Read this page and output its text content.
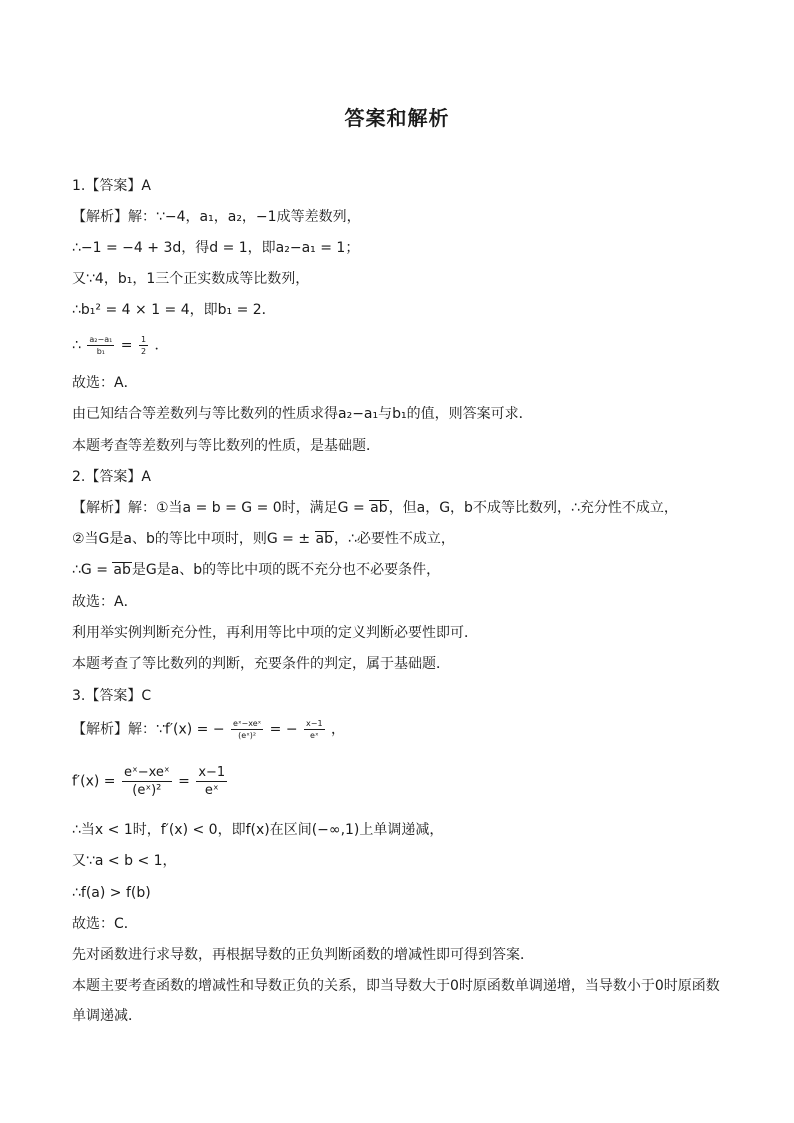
答案和解析
1.【答案】A
【解析】解：∵−4，a₁，a₂，−1成等差数列，
∴−1 = −4 + 3d，得d = 1，即a₂−a₁ = 1；
又∵4，b₁，1三个正实数成等比数列，
∴b₁² = 4 × 1 = 4，即b₁ = 2．
∴ $\frac{\text{a₂−a₁}}{\text{b₁}} = \frac{1}{2}$ ．
故选：A．
由已知结合等差数列与等比数列的性质求得a₂−a₁与b₁的值，则答案可求．
本题考查等差数列与等比数列的性质，是基础题．
2.【答案】A
【解析】解：①当a = b = G = 0时，满足G = ab，但a，G，b不成等比数列，∴充分性不成立，
②当G是a、b的等比中项时，则G = ± ab，∴必要性不成立，
∴G = ab是G是a、b的等比中项的既不充分也不必要条件，
故选：A．
利用举实例判断充分性，再利用等比中项的定义判断必要性即可．
本题考查了等比数列的判断，充要条件的判定，属于基础题．
3.【答案】C
【解析】解：∵f′(x) = − $\frac{\text{eˣ−xeˣ}}{\text{(eˣ)²}}$ = − $\frac{x-1}{\text{eˣ}}$ ，
$f'(x) = \frac{\text{eˣ−xeˣ}}{\text{(eˣ)²}} = \frac{x-1}{\text{eˣ}}$
∴当x < 1时，f′(x) < 0，即f(x)在区间(−∞,1)上单调递减，
又∵a < b < 1，
∴f(a) > f(b)
故选：C．
先对函数进行求导数，再根据导数的正负判断函数的增减性即可得到答案．
本题主要考查函数的增减性和导数正负的关系，即当导数大于0时原函数单调递增，当导数小于0时原函数单调递减．
